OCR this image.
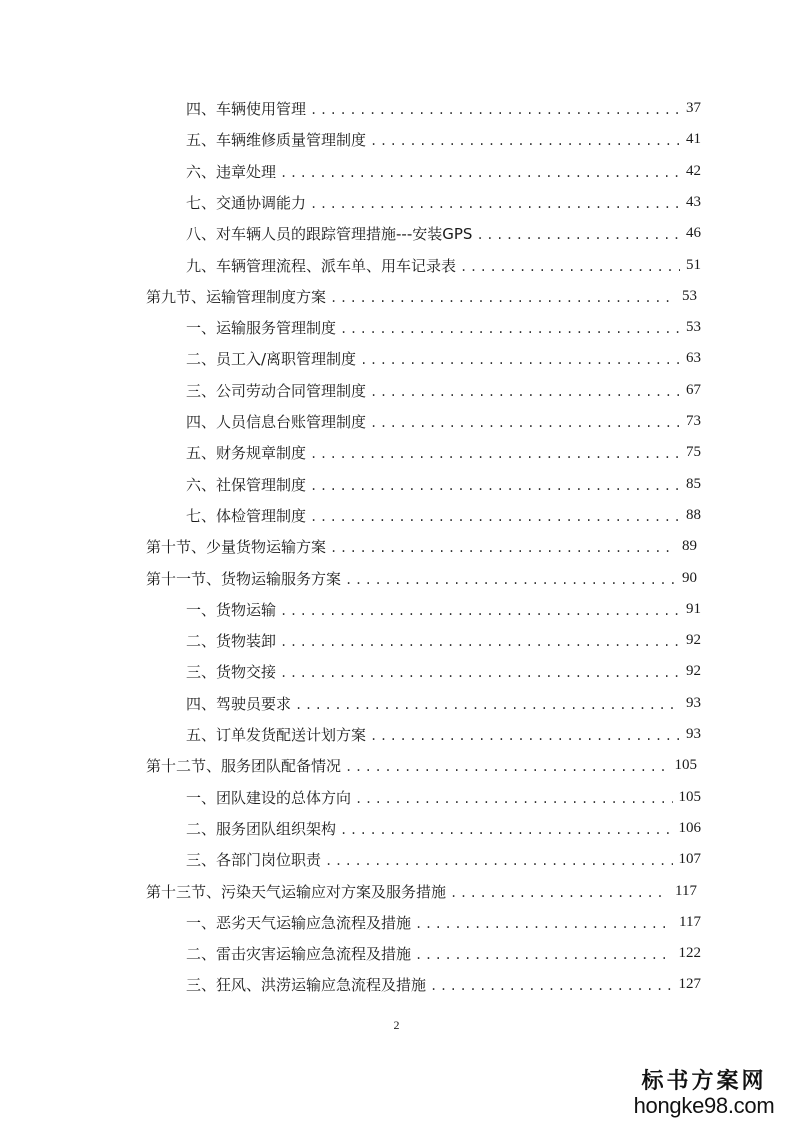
四、车辆使用管理 .....	37
五、车辆维修质量管理制度 .....	41
六、违章处理 .....	42
七、交通协调能力 .....	43
八、对车辆人员的跟踪管理措施---安装GPS .....	46
九、车辆管理流程、派车单、用车记录表 .....	51
第九节、运输管理制度方案 .....	53
一、运输服务管理制度 .....	53
二、员工入/离职管理制度 .....	63
三、公司劳动合同管理制度 .....	67
四、人员信息台账管理制度 .....	73
五、财务规章制度 .....	75
六、社保管理制度 .....	85
七、体检管理制度 .....	88
第十节、少量货物运输方案 .....	89
第十一节、货物运输服务方案 .....	90
一、货物运输 .....	91
二、货物装卸 .....	92
三、货物交接 .....	92
四、驾驶员要求 .....	93
五、订单发货配送计划方案 .....	93
第十二节、服务团队配备情况 .....	105
一、团队建设的总体方向 .....	105
二、服务团队组织架构 .....	106
三、各部门岗位职责 .....	107
第十三节、污染天气运输应对方案及服务措施 .....	117
一、恶劣天气运输应急流程及措施 .....	117
二、雷击灾害运输应急流程及措施 .....	122
三、狂风、洪涝运输应急流程及措施 .....	127
2
标书方案网
hongke98.com
